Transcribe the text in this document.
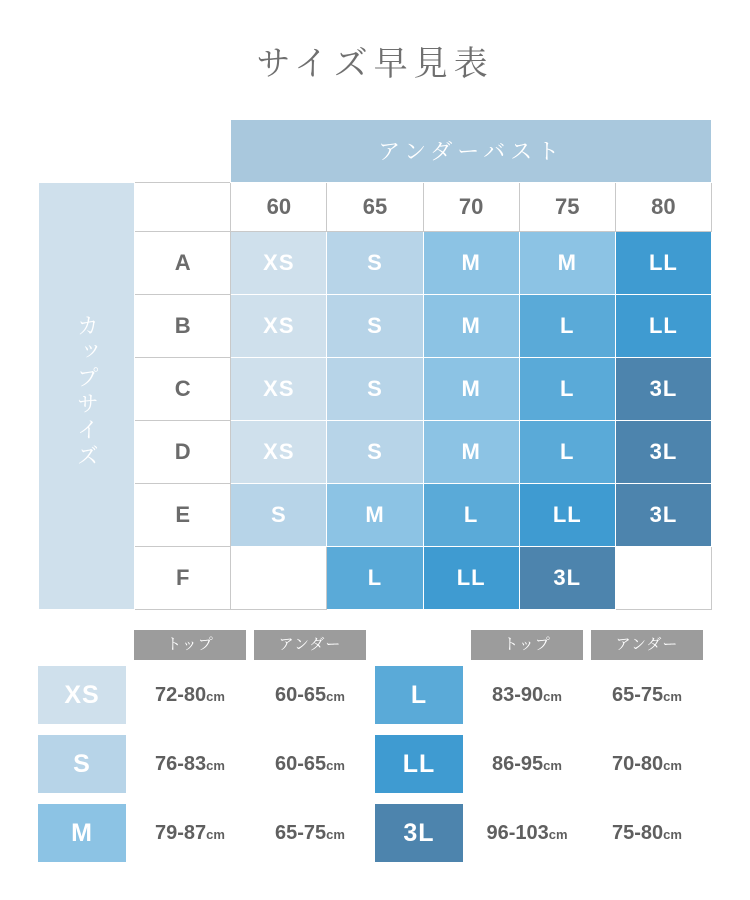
サイズ早見表
		アンダーバスト				
カップサイズ		60	65	70	75	80
	A	XS	S	M	M	LL
	B	XS	S	M	L	LL
	C	XS	S	M	L	3L
	D	XS	S	M	L	3L
	E	S	M	L	LL	3L
	F		L	LL	3L	
トップ	アンダー
XS	72-80cm	60-65cm
S	76-83cm	60-65cm
M	79-87cm	65-75cm
トップ	アンダー
L	83-90cm	65-75cm
LL	86-95cm	70-80cm
3L	96-103cm	75-80cm
